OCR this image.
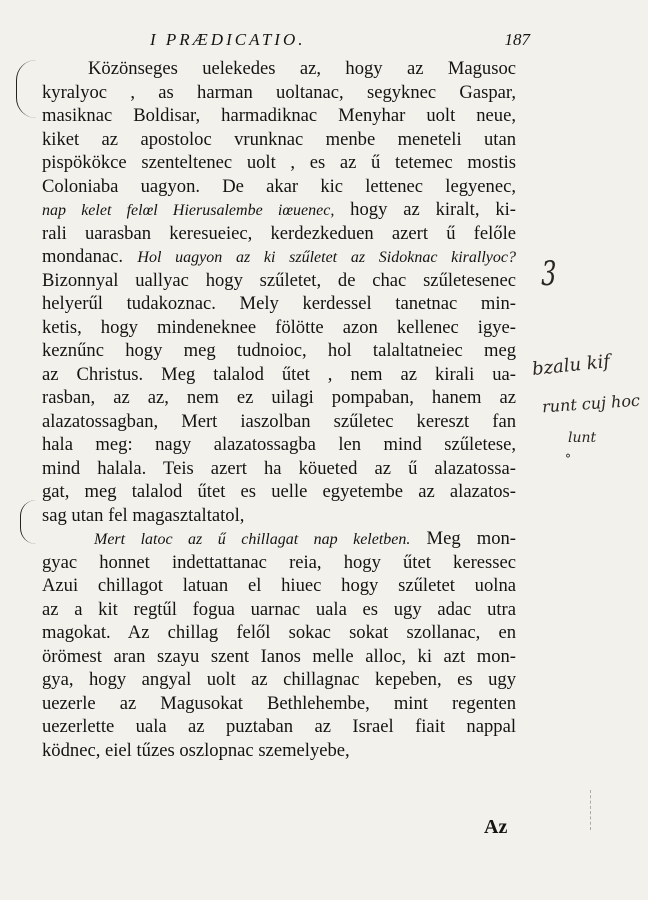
I PRÆDICATIO.	187
Közönseges uelekedes az, hogy az Magusoc
kyralyoc , as harman uoltanac, segyknec Gaspar,
masiknac Boldisar, harmadiknac Menyhar uolt neue,
kiket az apostoloc vrunknac menbe meneteli utan
pispökökce szenteltenec uolt , es az ű tetemec mostis
Coloniaba uagyon. De akar kic lettenec legyenec,
nap kelet felœl Hierusalembe iœuenec, hogy az kiralt, ki-
rali uarasban keresueiec, kerdezkeduen azert ű felőle
mondanac. Hol uagyon az ki szűletet az Sidoknac kirallyoc?
Bizonnyal uallyac hogy szűletet, de chac szűletesenec
helyerűl tudakoznac. Mely kerdessel tanetnac min-
ketis, hogy mindeneknee fölötte azon kellenec igye-
keznűnc hogy meg tudnoioc, hol talaltatneiec meg
az Christus. Meg talalod űtet , nem az kirali ua-
rasban, az az, nem ez uilagi pompaban, hanem az
alazatossagban, Mert iaszolban szűletec kereszt fan
hala meg: nagy alazatossagba len mind szűletese,
mind halala. Teis azert ha köueted az ű alazatossa-
gat, meg talalod űtet es uelle egyetembe az alazatos-
sag utan fel magasztaltatol,
Mert latoc az ű chillagat nap keletben. Meg mon-
gyac honnet indettattanac reia, hogy űtet keressec
Azui chillagot latuan el hiuec hogy szűletet uolna
az a kit regtűl fogua uarnac uala es ugy adac utra
magokat. Az chillag felől sokac sokat szollanac, en
örömest aran szayu szent Ianos melle alloc, ki azt mon-
gya, hogy angyal uolt az chillagnac kepeben, es ugy
uezerle az Magusokat Bethlehembe, mint regenten
uezerlette uala az puztaban az Israel fiait nappal
ködnec, eiel tűzes oszlopnac szemelyebe,
3
bzalu kif
runt cuj hoc
lunt
°
Az
